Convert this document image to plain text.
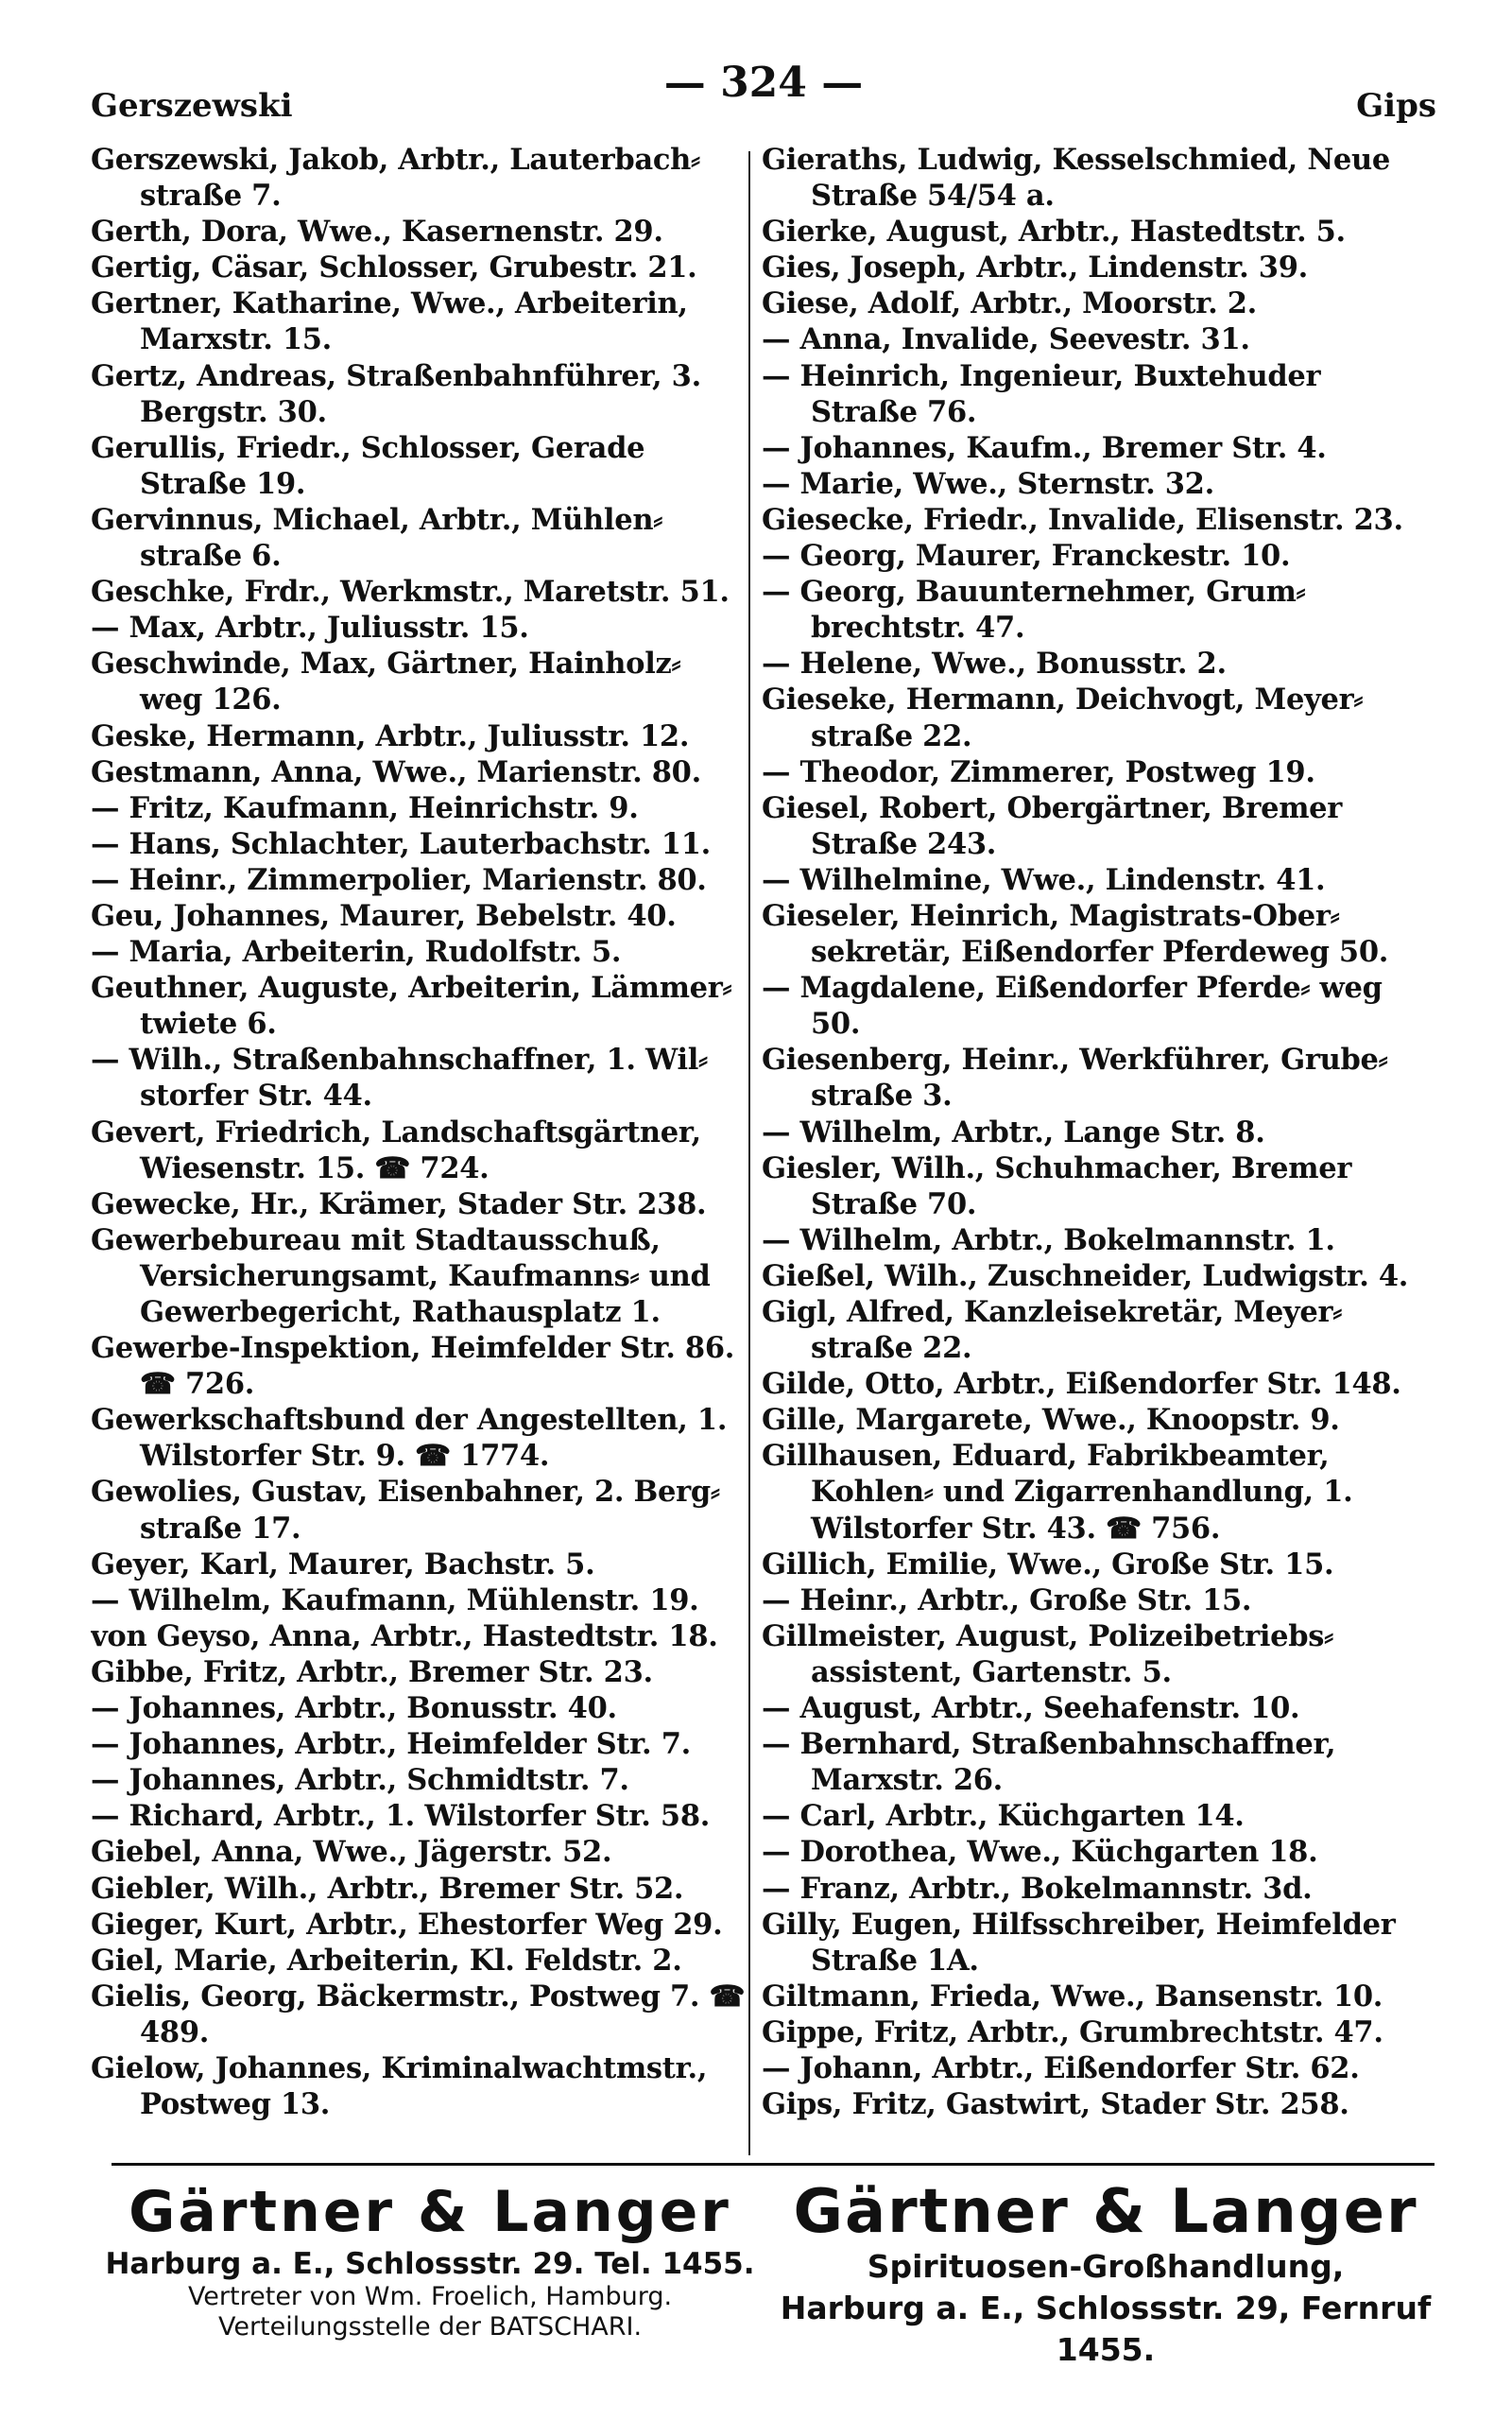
Gerszewski	— 324 —	Gips

Gerszewski, Jakob, Arbtr., Lauterbach⸗ straße 7.

Gerth, Dora, Wwe., Kasernenstr. 29.

Gertig, Cäsar, Schlosser, Grubestr. 21.

Gertner, Katharine, Wwe., Arbeiterin, Marxstr. 15.

Gertz, Andreas, Straßenbahnführer, 3. Bergstr. 30.

Gerullis, Friedr., Schlosser, Gerade Straße 19.

Gervinnus, Michael, Arbtr., Mühlen⸗ straße 6.

Geschke, Frdr., Werkmstr., Maretstr. 51.

— Max, Arbtr., Juliusstr. 15.

Geschwinde, Max, Gärtner, Hainholz⸗ weg 126.

Geske, Hermann, Arbtr., Juliusstr. 12.

Gestmann, Anna, Wwe., Marienstr. 80.

— Fritz, Kaufmann, Heinrichstr. 9.

— Hans, Schlachter, Lauterbachstr. 11.

— Heinr., Zimmerpolier, Marienstr. 80.

Geu, Johannes, Maurer, Bebelstr. 40.

— Maria, Arbeiterin, Rudolfstr. 5.

Geuthner, Auguste, Arbeiterin, Lämmer⸗ twiete 6.

— Wilh., Straßenbahnschaffner, 1. Wil⸗ storfer Str. 44.

Gevert, Friedrich, Landschaftsgärtner, Wiesenstr. 15. ☎ 724.

Gewecke, Hr., Krämer, Stader Str. 238.

Gewerbebureau mit Stadtausschuß, Versicherungsamt, Kaufmanns⸗ und Gewerbegericht, Rathausplatz 1.

Gewerbe-Inspektion, Heimfelder Str. 86. ☎ 726.

Gewerkschaftsbund der Angestellten, 1. Wilstorfer Str. 9. ☎ 1774.

Gewolies, Gustav, Eisenbahner, 2. Berg⸗ straße 17.

Geyer, Karl, Maurer, Bachstr. 5.

— Wilhelm, Kaufmann, Mühlenstr. 19.

von Geyso, Anna, Arbtr., Hastedtstr. 18.

Gibbe, Fritz, Arbtr., Bremer Str. 23.

— Johannes, Arbtr., Bonusstr. 40.

— Johannes, Arbtr., Heimfelder Str. 7.

— Johannes, Arbtr., Schmidtstr. 7.

— Richard, Arbtr., 1. Wilstorfer Str. 58.

Giebel, Anna, Wwe., Jägerstr. 52.

Giebler, Wilh., Arbtr., Bremer Str. 52.

Gieger, Kurt, Arbtr., Ehestorfer Weg 29.

Giel, Marie, Arbeiterin, Kl. Feldstr. 2.

Gielis, Georg, Bäckermstr., Postweg 7. ☎ 489.

Gielow, Johannes, Kriminalwachtmstr., Postweg 13.

Gieraths, Ludwig, Kesselschmied, Neue Straße 54/54 a.

Gierke, August, Arbtr., Hastedtstr. 5.

Gies, Joseph, Arbtr., Lindenstr. 39.

Giese, Adolf, Arbtr., Moorstr. 2.

— Anna, Invalide, Seevestr. 31.

— Heinrich, Ingenieur, Buxtehuder Straße 76.

— Johannes, Kaufm., Bremer Str. 4.

— Marie, Wwe., Sternstr. 32.

Giesecke, Friedr., Invalide, Elisenstr. 23.

— Georg, Maurer, Franckestr. 10.

— Georg, Bauunternehmer, Grum⸗ brechtstr. 47.

— Helene, Wwe., Bonusstr. 2.

Gieseke, Hermann, Deichvogt, Meyer⸗ straße 22.

— Theodor, Zimmerer, Postweg 19.

Giesel, Robert, Obergärtner, Bremer Straße 243.

— Wilhelmine, Wwe., Lindenstr. 41.

Gieseler, Heinrich, Magistrats-Ober⸗ sekretär, Eißendorfer Pferdeweg 50.

— Magdalene, Eißendorfer Pferde⸗ weg 50.

Giesenberg, Heinr., Werkführer, Grube⸗ straße 3.

— Wilhelm, Arbtr., Lange Str. 8.

Giesler, Wilh., Schuhmacher, Bremer Straße 70.

— Wilhelm, Arbtr., Bokelmannstr. 1.

Gießel, Wilh., Zuschneider, Ludwigstr. 4.

Gigl, Alfred, Kanzleisekretär, Meyer⸗ straße 22.

Gilde, Otto, Arbtr., Eißendorfer Str. 148.

Gille, Margarete, Wwe., Knoopstr. 9.

Gillhausen, Eduard, Fabrikbeamter, Kohlen⸗ und Zigarrenhandlung, 1. Wilstorfer Str. 43. ☎ 756.

Gillich, Emilie, Wwe., Große Str. 15.

— Heinr., Arbtr., Große Str. 15.

Gillmeister, August, Polizeibetriebs⸗ assistent, Gartenstr. 5.

— August, Arbtr., Seehafenstr. 10.

— Bernhard, Straßenbahnschaffner, Marxstr. 26.

— Carl, Arbtr., Küchgarten 14.

— Dorothea, Wwe., Küchgarten 18.

— Franz, Arbtr., Bokelmannstr. 3d.

Gilly, Eugen, Hilfsschreiber, Heimfelder Straße 1A.

Giltmann, Frieda, Wwe., Bansenstr. 10.

Gippe, Fritz, Arbtr., Grumbrechtstr. 47.

— Johann, Arbtr., Eißendorfer Str. 62.

Gips, Fritz, Gastwirt, Stader Str. 258.

Gärtner & Langer
Harburg a. E., Schlossstr. 29. Tel. 1455.
Vertreter von Wm. Froelich, Hamburg.
Verteilungsstelle der BATSCHARI.
Gärtner & Langer
Spirituosen-Großhandlung,
Harburg a. E., Schlossstr. 29, Fernruf 1455.
